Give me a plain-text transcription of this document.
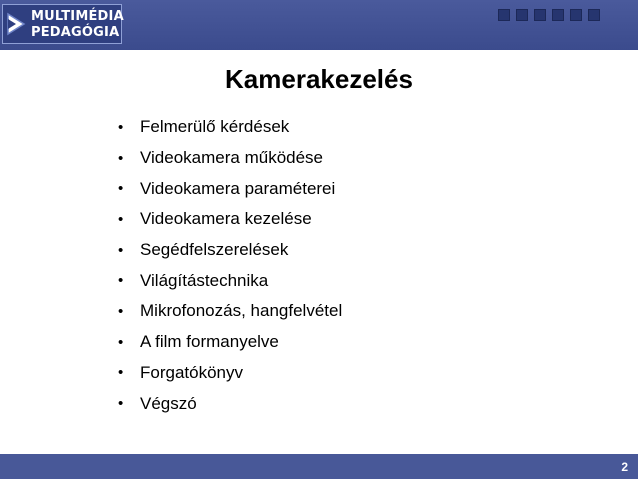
MULTIMÉDIA
PEDAGÓGIA
Kamerakezelés
• Felmerülő kérdések
• Videokamera működése
• Videokamera paraméterei
• Videokamera kezelése
• Segédfelszerelések
• Világítástechnika
• Mikrofonozás, hangfelvétel
• A film formanyelve
• Forgatókönyv
• Végszó
2
